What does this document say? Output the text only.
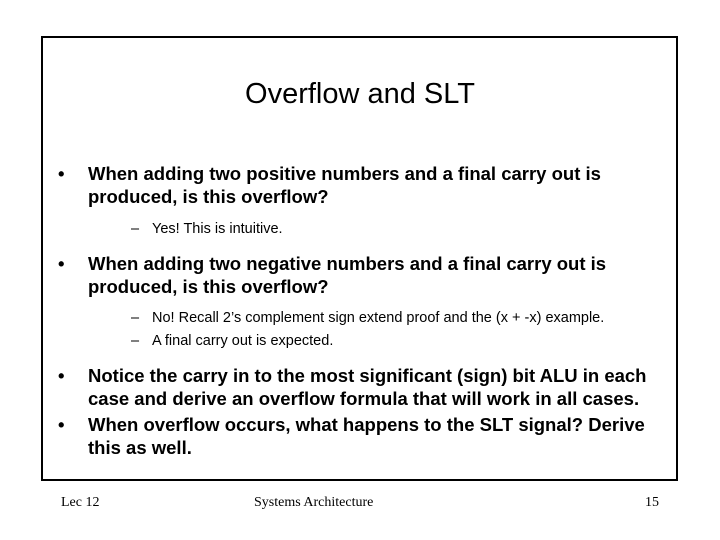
Overflow and SLT
• When adding two positive numbers and a final carry out is produced, is this overflow?
– Yes! This is intuitive.
• When adding two negative numbers and a final carry out is produced, is this overflow?
– No! Recall 2’s complement sign extend proof and the (x + -x) example.
– A final carry out is expected.
• Notice the carry in to the most significant (sign) bit ALU in each case and derive an overflow formula that will work in all cases.
• When overflow occurs, what happens to the SLT signal? Derive this as well.
Lec 12	Systems Architecture	15
